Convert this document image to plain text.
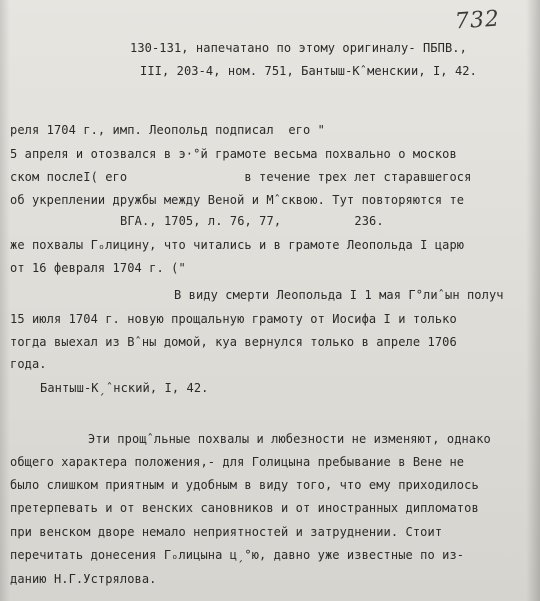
732
130-131, напечатано по этому оригиналу- ПБПВ.,
III, 203-4, ном. 751, Бантыш-Кˆменскии, I, 42.
реля 1704 г., имп. Леопольд подписал  его "
5 апреля и отозвался в э·°й грамоте весьма похвально о москов
ском послеI( его                в течение трех лет старавшегося
об укреплении дружбы между Веной и Мˆсквою. Тут повторяются те
ВГА., 1705, л. 76, 77,          236.
же похвалы Гₒлицину, что читались и в грамоте Леопольда I царю
от 16 февраля 1704 г. ("
В виду смерти Леопольда I 1 мая Г°лиˆын получ
15 июля 1704 г. новую прощальную грамоту от Иосифа I и только
тогда выехал из Вˆны домой, куа вернулся только в апреле 1706
года.
Бантыш-Кˏˆнский, I, 42.
Эти прощˆльные похвалы и любезности не изменяют, однако
общего характера положения,- для Голицына пребывание в Вене не
было слишком приятным и удобным в виду того, что ему приходилось
претерпевать и от венских сановников и от иностранных дипломатов
при венском дворе немало неприятностей и затруднении. Стоит
перечитать донесения Гₒлицына цˏ°ю, давно уже известные по из-
данию Н.Г.Устрялова.
